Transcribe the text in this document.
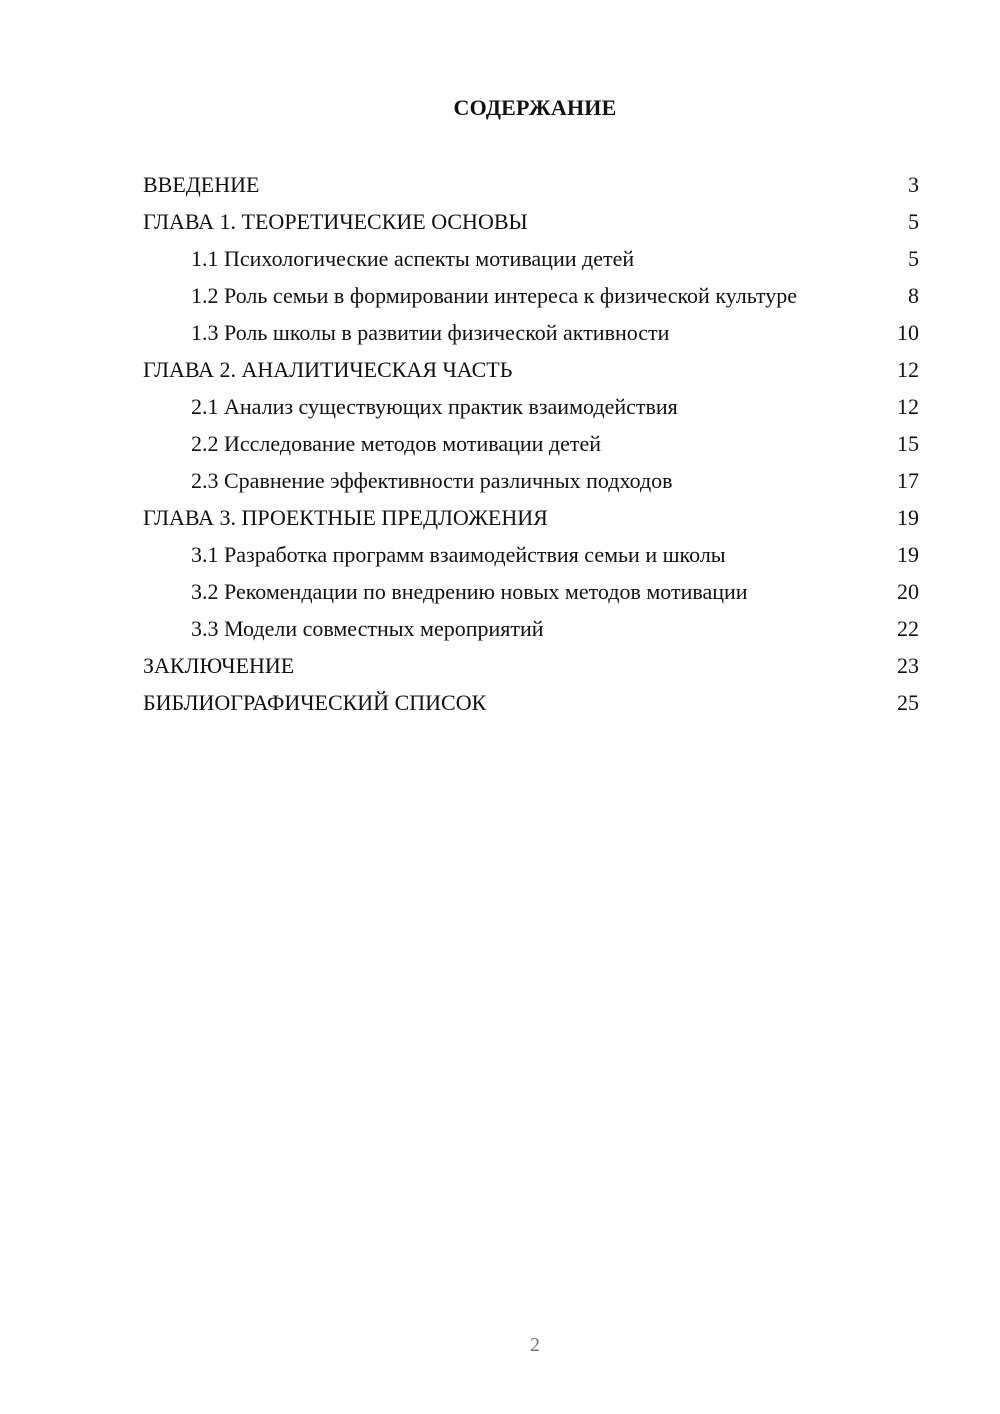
СОДЕРЖАНИЕ
ВВЕДЕНИЕ	3
ГЛАВА 1. ТЕОРЕТИЧЕСКИЕ ОСНОВЫ	5
1.1 Психологические аспекты мотивации детей	5
1.2 Роль семьи в формировании интереса к физической культуре	8
1.3 Роль школы в развитии физической активности	10
ГЛАВА 2. АНАЛИТИЧЕСКАЯ ЧАСТЬ	12
2.1 Анализ существующих практик взаимодействия	12
2.2 Исследование методов мотивации детей	15
2.3 Сравнение эффективности различных подходов	17
ГЛАВА 3. ПРОЕКТНЫЕ ПРЕДЛОЖЕНИЯ	19
3.1 Разработка программ взаимодействия семьи и школы	19
3.2 Рекомендации по внедрению новых методов мотивации	20
3.3 Модели совместных мероприятий	22
ЗАКЛЮЧЕНИЕ	23
БИБЛИОГРАФИЧЕСКИЙ СПИСОК	25
2
